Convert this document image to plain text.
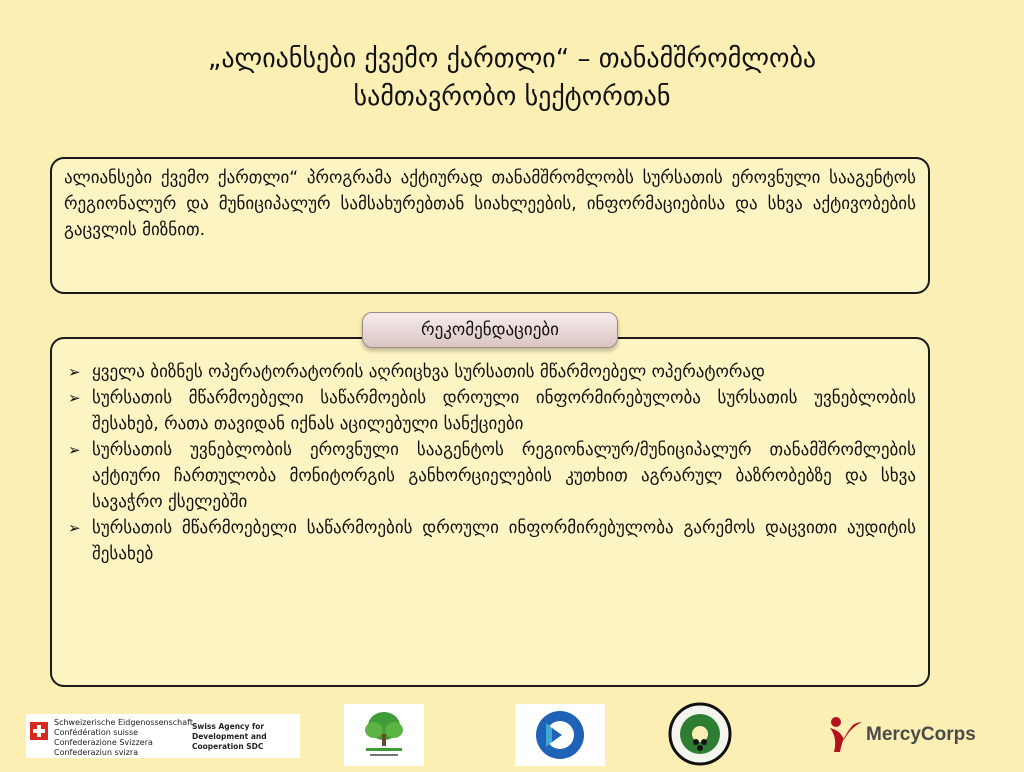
„ალიანსები ქვემო ქართლი“ – თანამშრომლობა
სამთავრობო სექტორთან

ალიანსები ქვემო ქართლი“ პროგრამა აქტიურად თანამშრომლობს სურსათის ეროვნული სააგენტოს რეგიონალურ და მუნიციპალურ სამსახურებთან სიახლეების, ინფორმაციებისა და სხვა აქტივობების გაცვლის მიზნით.

➢ ყველა ბიზნეს ოპერატორატორის აღრიცხვა სურსათის მწარმოებელ ოპერატორად
➢ სურსათის მწარმოებელი საწარმოების დროული ინფორმირებულობა სურსათის უვნებლობის შესახებ, რათა თავიდან იქნას აცილებული სანქციები
➢ სურსათის უვნებლობის ეროვნული სააგენტოს რეგიონალურ/მუნიციპალურ თანამშრომლების აქტიური ჩართულობა მონიტორგის განხორციელების კუთხით აგრარულ ბაზრობებზე და სხვა სავაჭრო ქსელებში
➢ სურსათის მწარმოებელი საწარმოების დროული ინფორმირებულობა გარემოს დაცვითი აუდიტის შესახებ
რეკომენდაციები
Schweizerische Eidgenossenschaft
Confédération suisse
Confederazione Svizzera
Confederaziun svizra
Swiss Agency for Development and Cooperation SDC
MercyCorps
